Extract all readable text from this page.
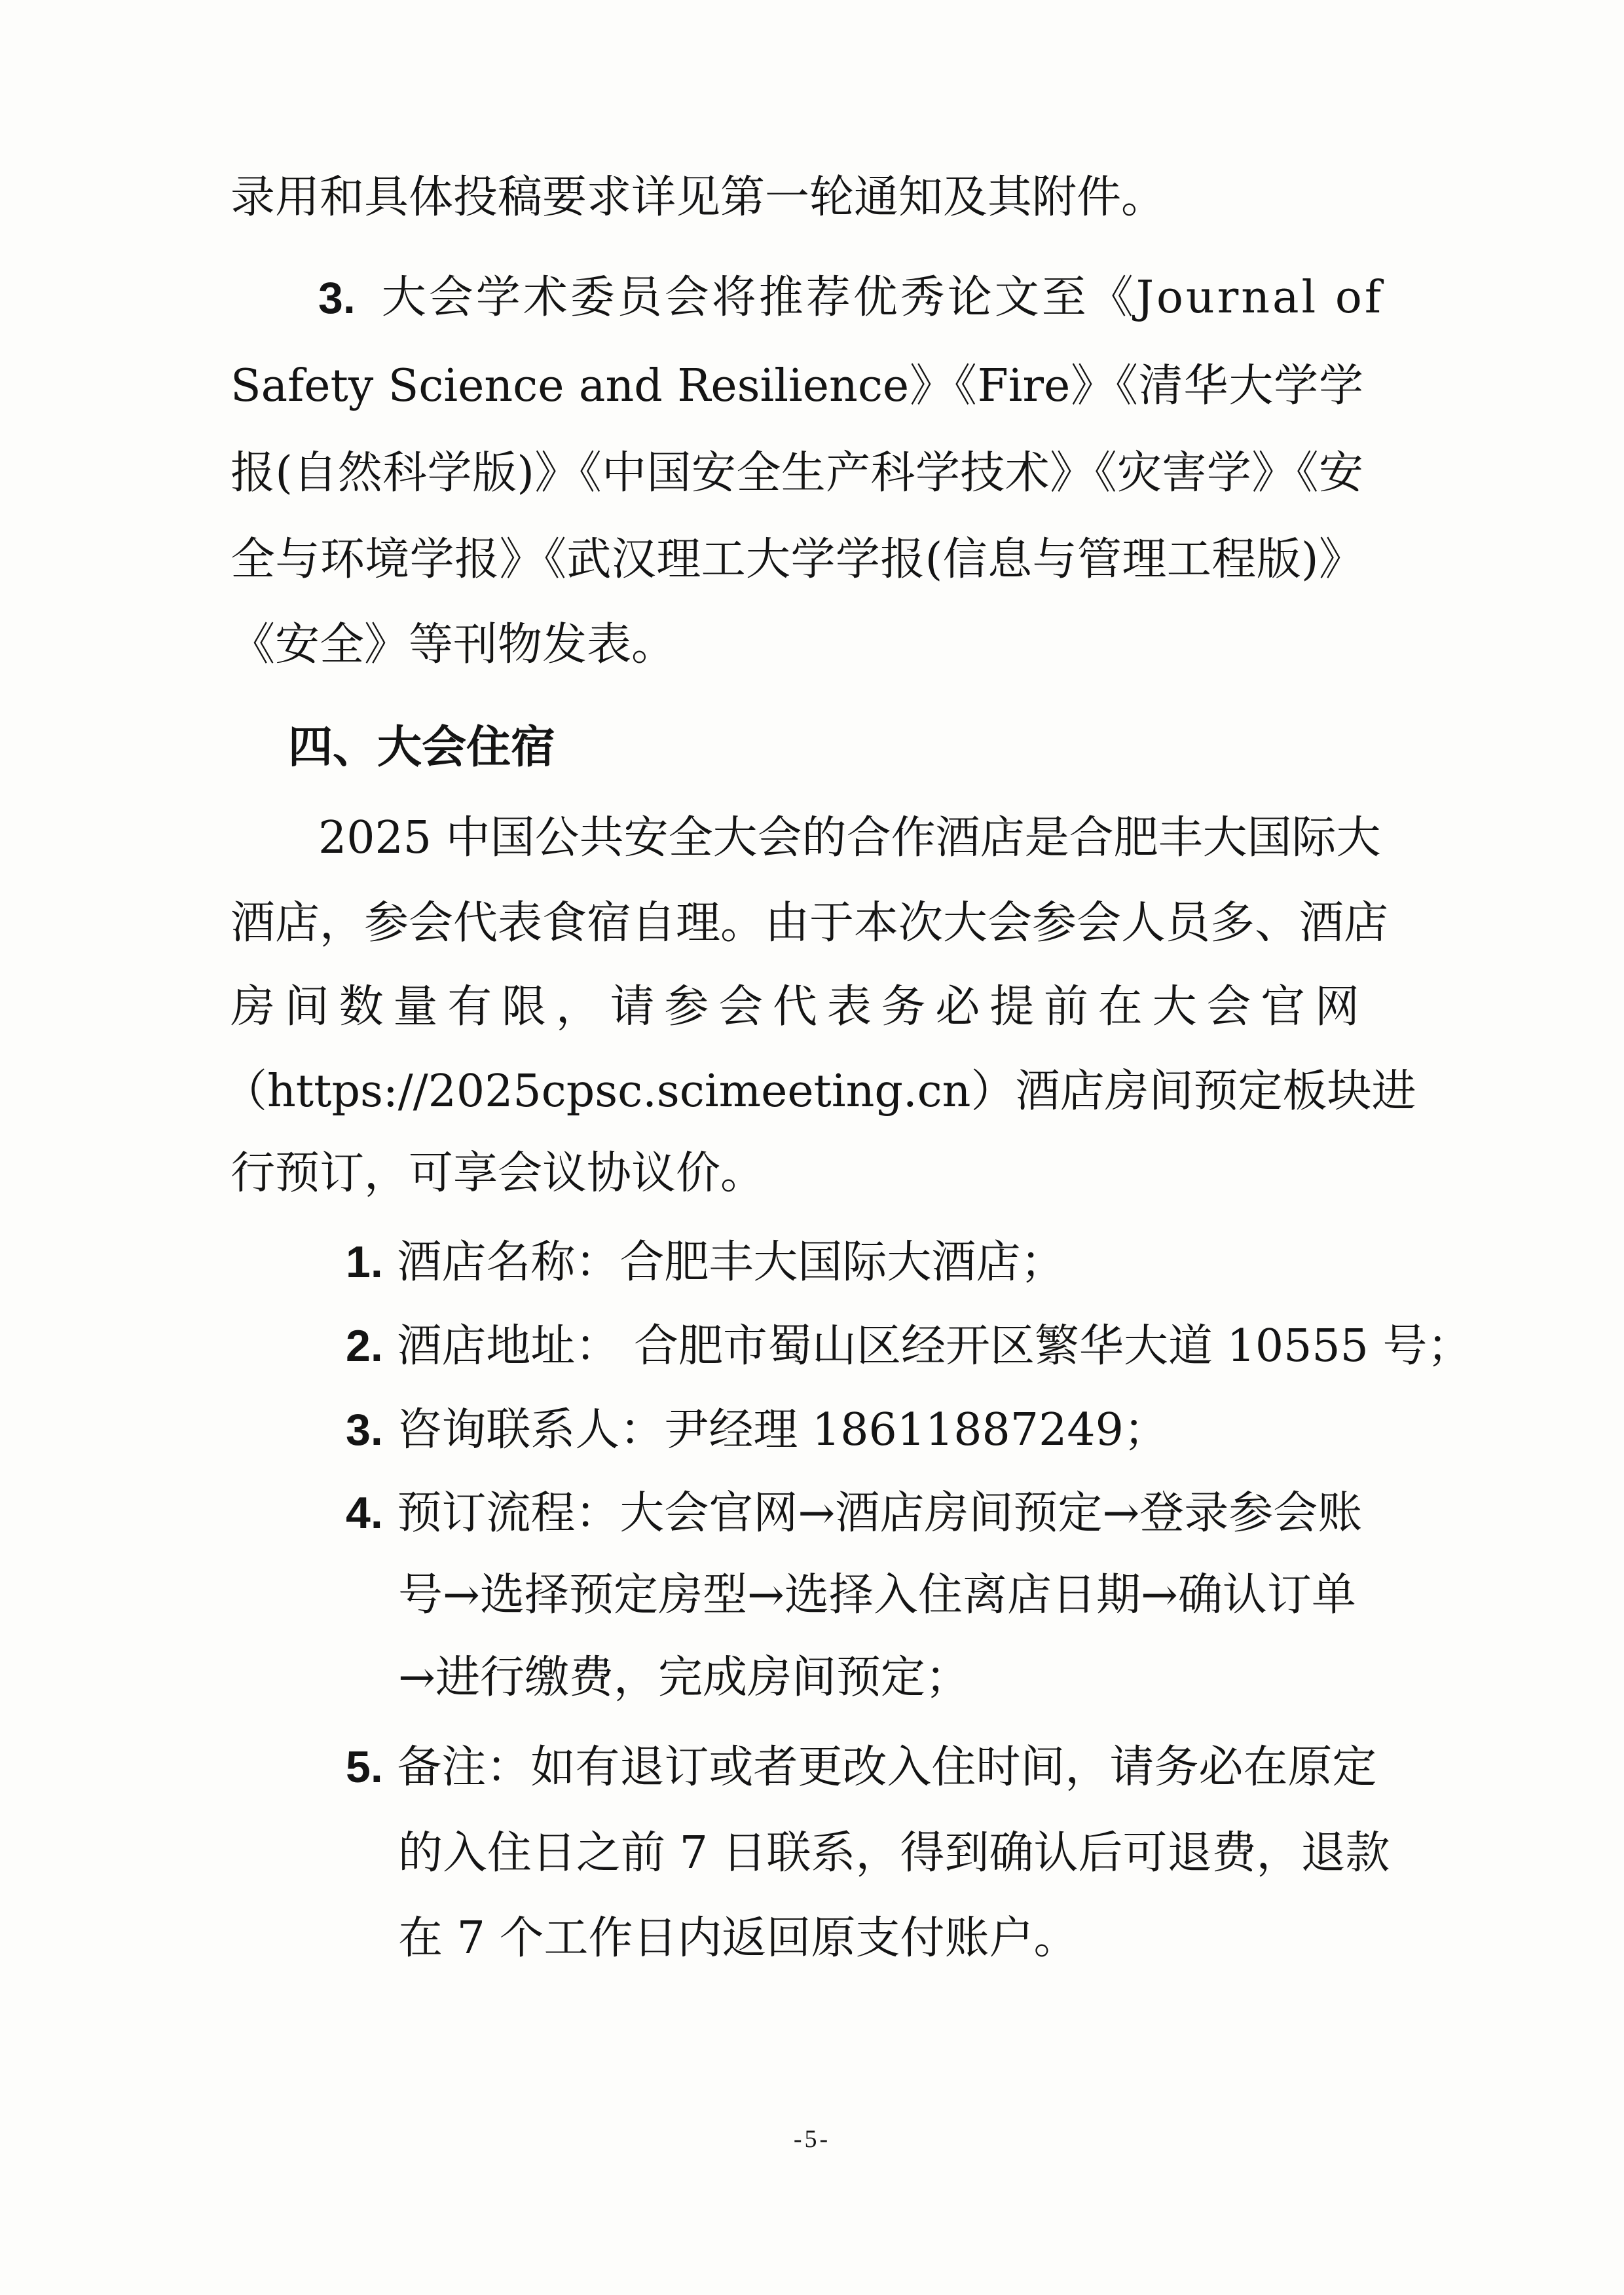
录用和具体投稿要求详见第一轮通知及其附件。
3. 大会学术委员会将推荐优秀论文至《Journal of
Safety Science and Resilience》《Fire》《清华大学学
报(自然科学版)》《中国安全生产科学技术》《灾害学》《安
全与环境学报》《武汉理工大学学报(信息与管理工程版)》
《安全》等刊物发表。
四、大会住宿
2025 中国公共安全大会的合作酒店是合肥丰大国际大
酒店，参会代表食宿自理。由于本次大会参会人员多、酒店
房间数量有限，请参会代表务必提前在大会官网
（https://2025cpsc.scimeeting.cn）酒店房间预定板块进
行预订，可享会议协议价。
1. 酒店名称：合肥丰大国际大酒店；
2. 酒店地址： 合肥市蜀山区经开区繁华大道 10555 号；
3. 咨询联系人：尹经理 18611887249；
4. 预订流程：大会官网→酒店房间预定→登录参会账
号→选择预定房型→选择入住离店日期→确认订单
→进行缴费，完成房间预定；
5. 备注：如有退订或者更改入住时间，请务必在原定
的入住日之前 7 日联系，得到确认后可退费，退款
在 7 个工作日内返回原支付账户。
-5-
